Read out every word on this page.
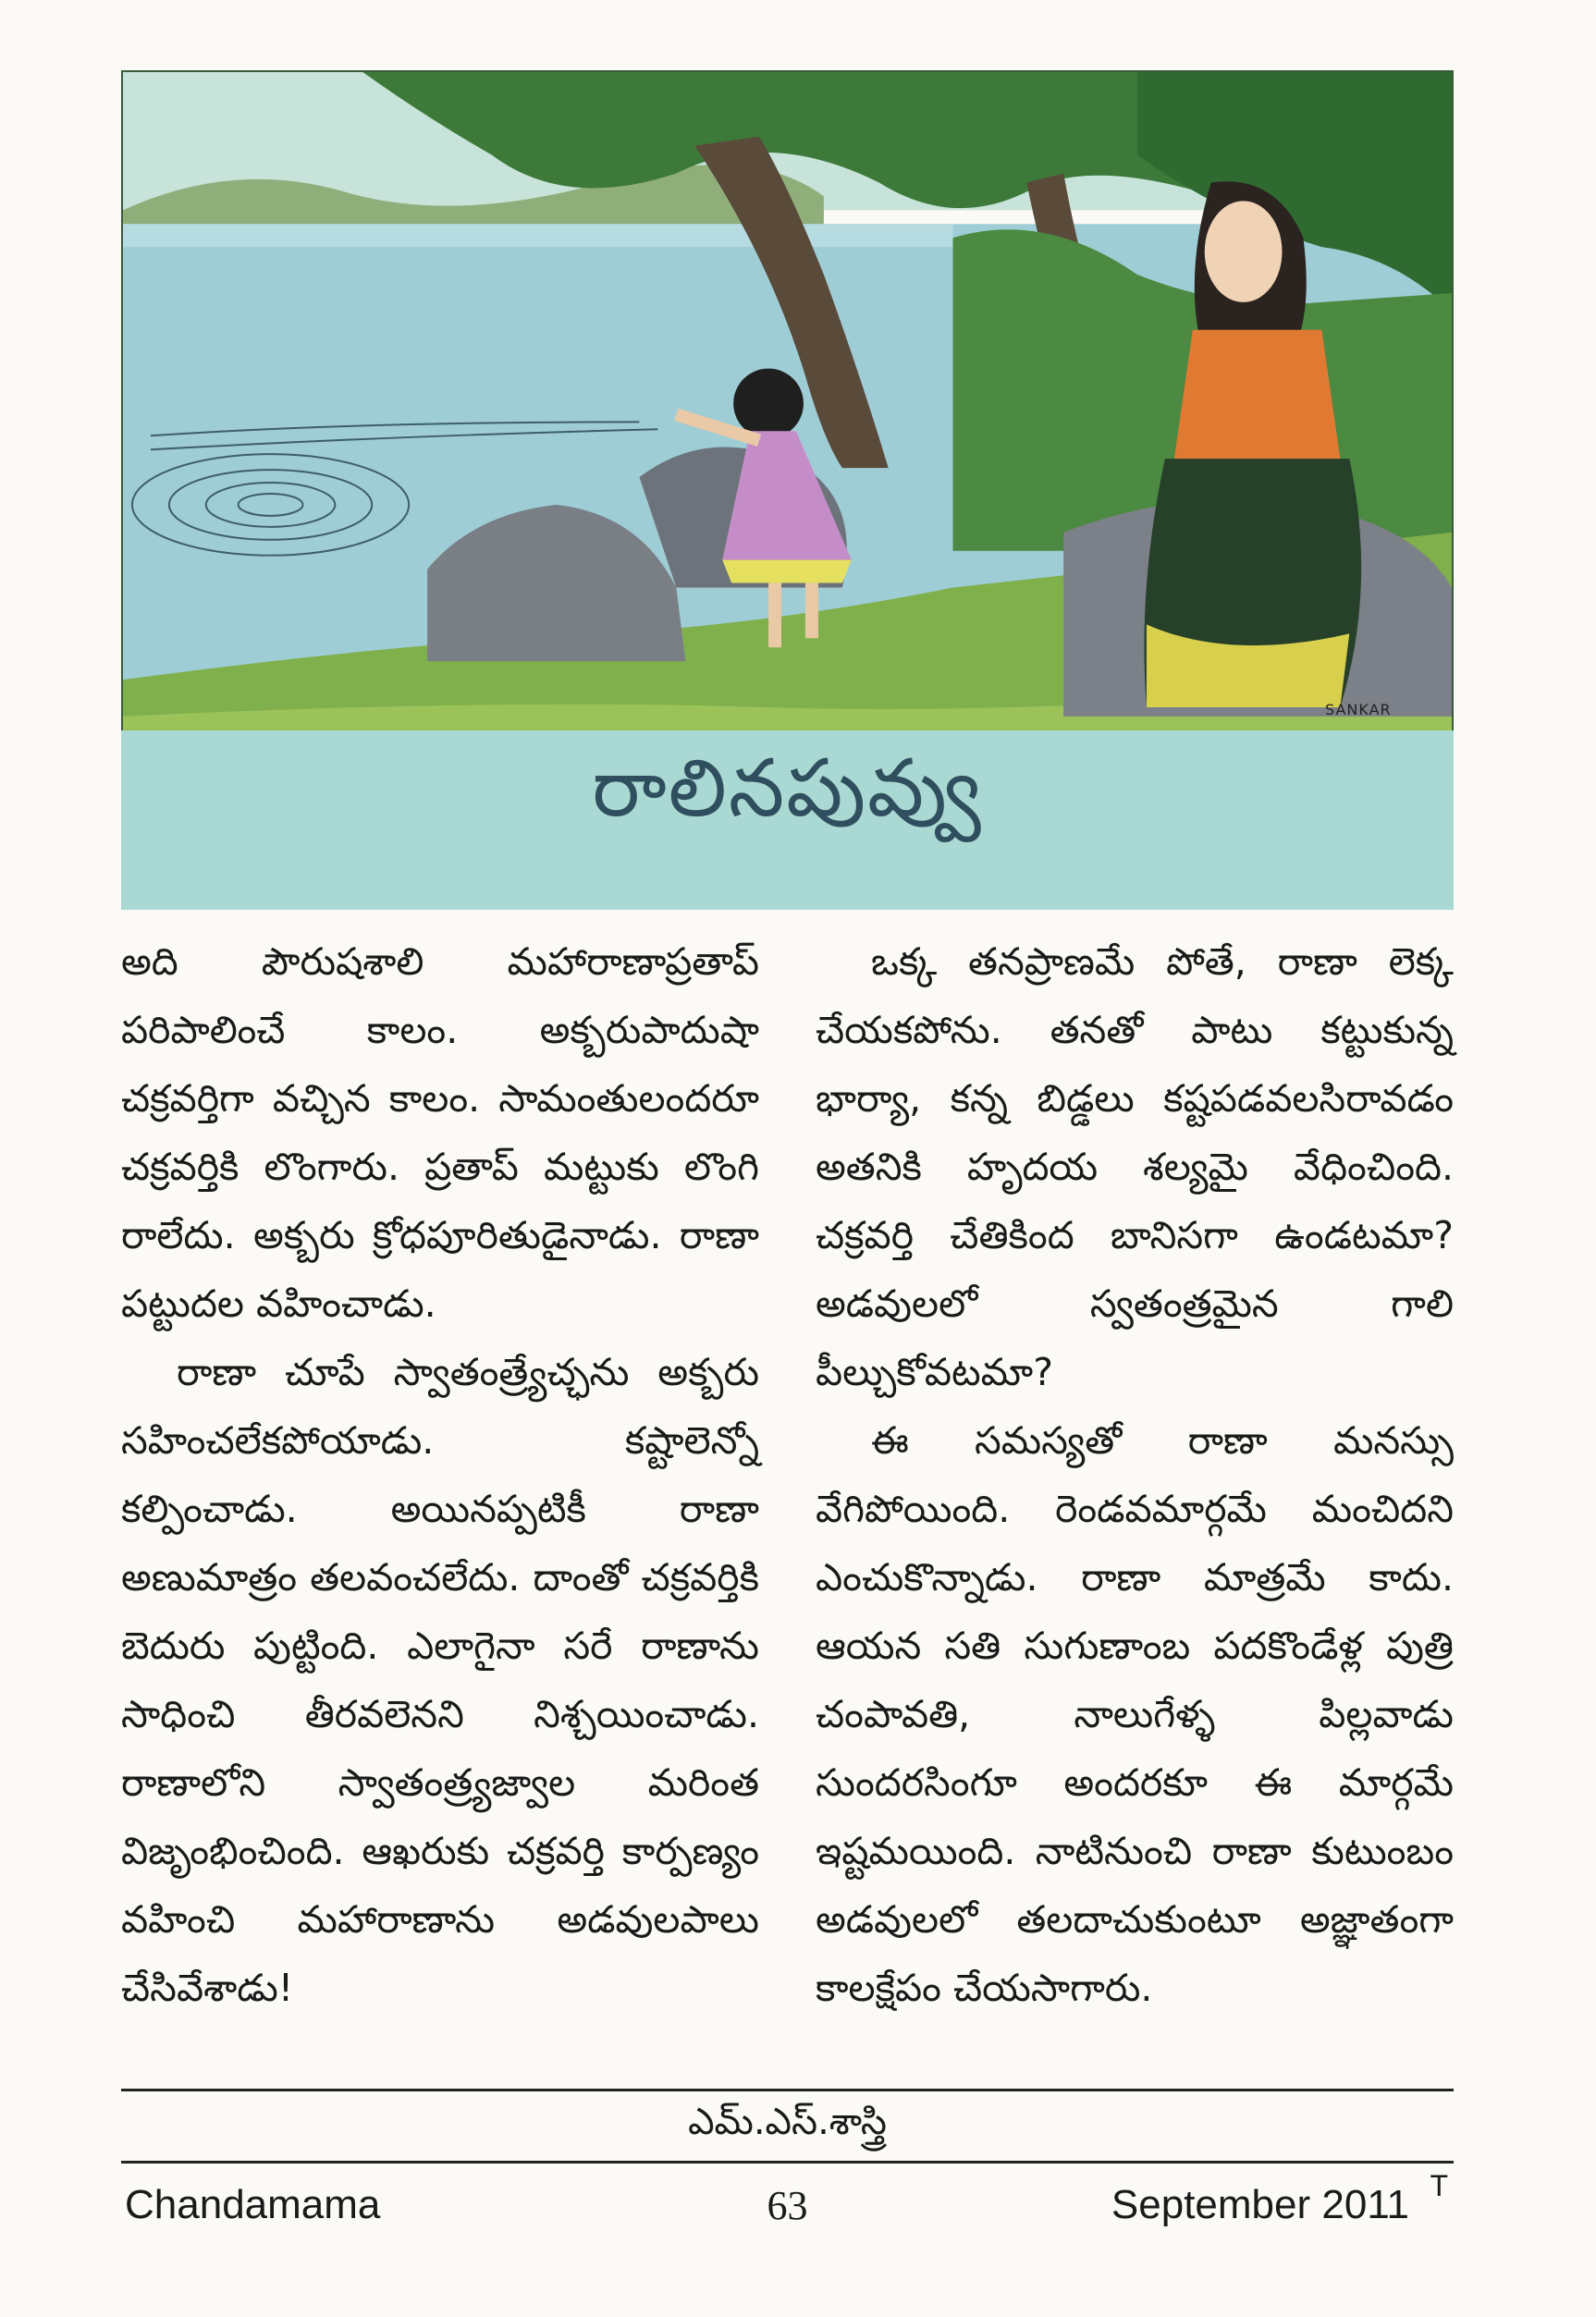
SANKAR
రాలినపువ్వు

అది పౌరుషశాలి మహారాణాప్రతాప్ పరిపాలించే కాలం. అక్బరుపాదుషా చక్రవర్తిగా వచ్చిన కాలం. సామంతులందరూ చక్రవర్తికి లొంగారు. ప్రతాప్ మట్టుకు లొంగి రాలేదు. అక్బరు క్రోధపూరితుడైనాడు. రాణా పట్టుదల వహించాడు.

రాణా చూపే స్వాతంత్ర్యేచ్ఛను అక్బరు సహించలేకపోయాడు. కష్టాలెన్నో కల్పించాడు. అయినప్పటికీ రాణా అణుమాత్రం తలవంచలేదు. దాంతో చక్రవర్తికి బెదురు పుట్టింది. ఎలాగైనా సరే రాణాను సాధించి తీరవలెనని నిశ్చయించాడు. రాణాలోని స్వాతంత్ర్యజ్వాల మరింత విజృంభించింది. ఆఖరుకు చక్రవర్తి కార్పణ్యం వహించి మహారాణాను అడవులపాలు చేసివేశాడు!

ఒక్క తనప్రాణమే పోతే, రాణా లెక్క చేయకపోను. తనతో పాటు కట్టుకున్న భార్యా, కన్న బిడ్డలు కష్టపడవలసిరావడం అతనికి హృదయ శల్యమై వేధించింది. చక్రవర్తి చేతికింద బానిసగా ఉండటమా? అడవులలో స్వతంత్రమైన గాలి పీల్చుకోవటమా?

ఈ సమస్యతో రాణా మనస్సు వేగిపోయింది. రెండవమార్గమే మంచిదని ఎంచుకొన్నాడు. రాణా మాత్రమే కాదు. ఆయన సతి సుగుణాంబ పదకొండేళ్ల పుత్రి చంపావతి, నాలుగేళ్ళ పిల్లవాడు సుందరసింగూ అందరకూ ఈ మార్గమే ఇష్టమయింది. నాటినుంచి రాణా కుటుంబం అడవులలో తలదాచుకుంటూ అజ్ఞాతంగా కాలక్షేపం చేయసాగారు.

ఎమ్.ఎస్.శాస్త్రి
Chandamama	63	September 2011 T
